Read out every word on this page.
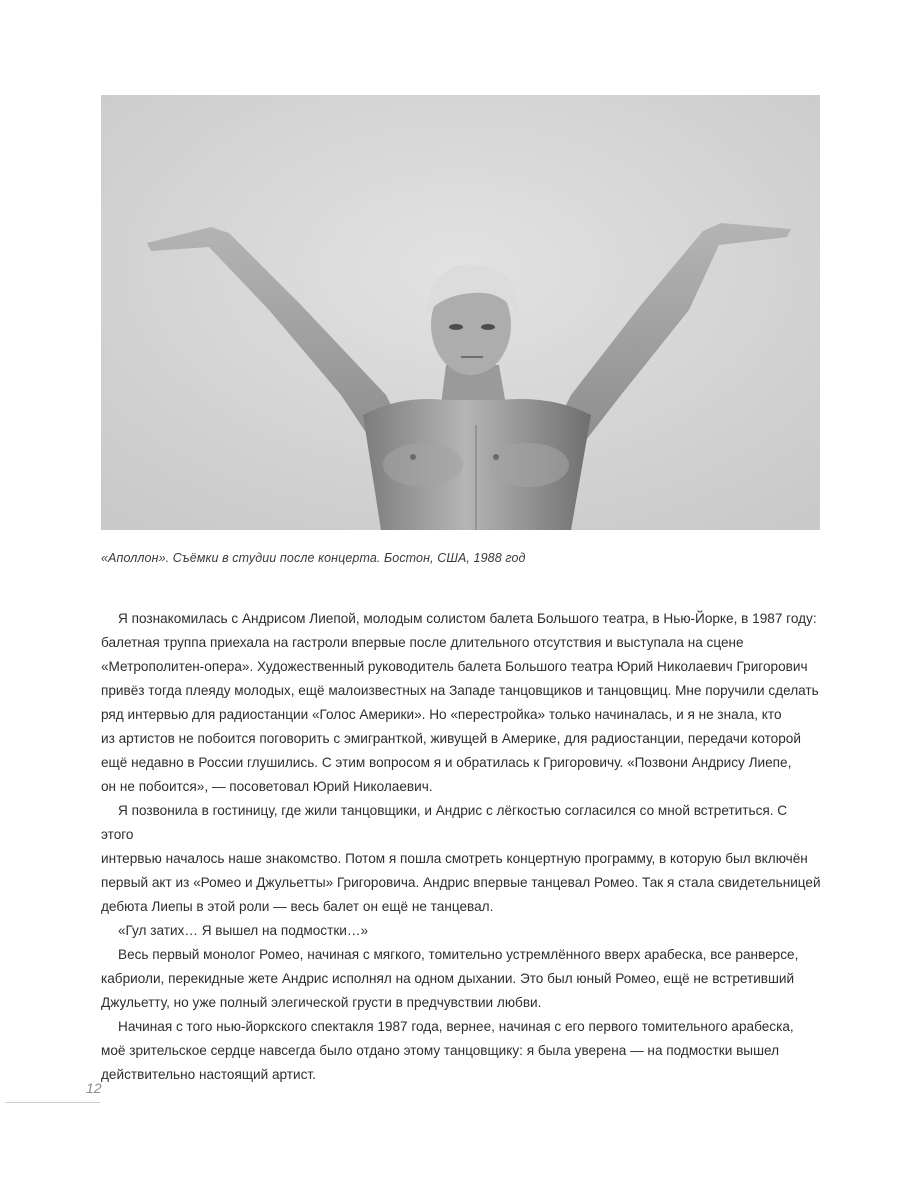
«Аполлон». Съёмки в студии после концерта. Бостон, США, 1988 год

Я познакомилась с Андрисом Лиепой, молодым солистом балета Большого театра, в Нью-Йорке, в 1987 году:

балетная труппа приехала на гастроли впервые после длительного отсутствия и выступала на сцене

«Метрополитен-опера». Художественный руководитель балета Большого театра Юрий Николаевич Григорович

привёз тогда плеяду молодых, ещё малоизвестных на Западе танцовщиков и танцовщиц. Мне поручили сделать

ряд интервью для радиостанции «Голос Америки». Но «перестройка» только начиналась, и я не знала, кто

из артистов не побоится поговорить с эмигранткой, живущей в Америке, для радиостанции, передачи которой

ещё недавно в России глушились. С этим вопросом я и обратилась к Григоровичу. «Позвони Андрису Лиепе,

он не побоится», — посоветовал Юрий Николаевич.

Я позвонила в гостиницу, где жили танцовщики, и Андрис с лёгкостью согласился со мной встретиться. С этого

интервью началось наше знакомство. Потом я пошла смотреть концертную программу, в которую был включён

первый акт из «Ромео и Джульетты» Григоровича. Андрис впервые танцевал Ромео. Так я стала свидетельницей

дебюта Лиепы в этой роли — весь балет он ещё не танцевал.

«Гул затих… Я вышел на подмостки…»

Весь первый монолог Ромео, начиная с мягкого, томительно устремлённого вверх арабеска, все ранверсе,

кабриоли, перекидные жете Андрис исполнял на одном дыхании. Это был юный Ромео, ещё не встретивший

Джульетту, но уже полный элегической грусти в предчувствии любви.

Начиная с того нью-йоркского спектакля 1987 года, вернее, начиная с его первого томительного арабеска,

моё зрительское сердце навсегда было отдано этому танцовщику: я была уверена — на подмостки вышел

действительно настоящий артист.

12
